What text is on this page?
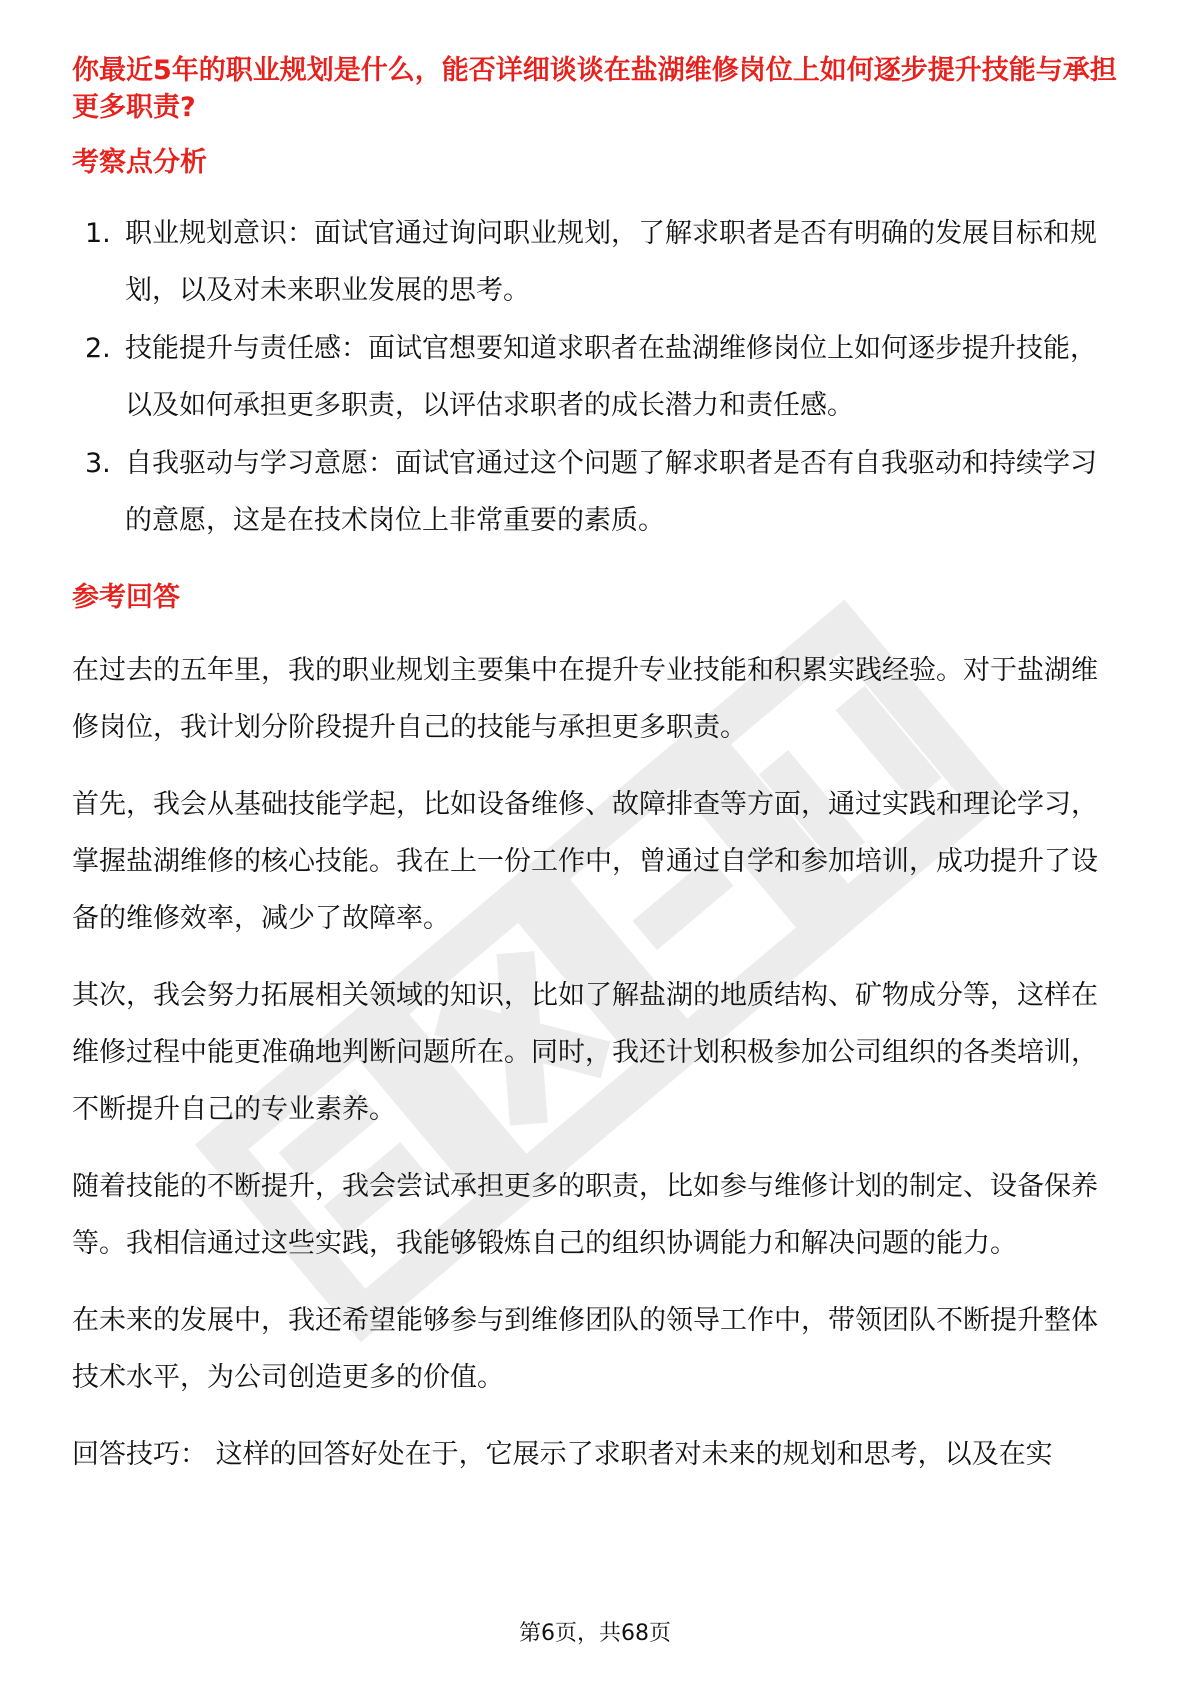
你最近5年的职业规划是什么，能否详细谈谈在盐湖维修岗位上如何逐步提升技能与承担更多职责?

考察点分析

1. 职业规划意识：面试官通过询问职业规划，了解求职者是否有明确的发展目标和规划，以及对未来职业发展的思考。
2. 技能提升与责任感：面试官想要知道求职者在盐湖维修岗位上如何逐步提升技能，以及如何承担更多职责，以评估求职者的成长潜力和责任感。
3. 自我驱动与学习意愿：面试官通过这个问题了解求职者是否有自我驱动和持续学习的意愿，这是在技术岗位上非常重要的素质。

参考回答

在过去的五年里，我的职业规划主要集中在提升专业技能和积累实践经验。对于盐湖维修岗位，我计划分阶段提升自己的技能与承担更多职责。

首先，我会从基础技能学起，比如设备维修、故障排查等方面，通过实践和理论学习，掌握盐湖维修的核心技能。我在上一份工作中，曾通过自学和参加培训，成功提升了设备的维修效率，减少了故障率。

其次，我会努力拓展相关领域的知识，比如了解盐湖的地质结构、矿物成分等，这样在维修过程中能更准确地判断问题所在。同时，我还计划积极参加公司组织的各类培训，不断提升自己的专业素养。

随着技能的不断提升，我会尝试承担更多的职责，比如参与维修计划的制定、设备保养等。我相信通过这些实践，我能够锻炼自己的组织协调能力和解决问题的能力。

在未来的发展中，我还希望能够参与到维修团队的领导工作中，带领团队不断提升整体技术水平，为公司创造更多的价值。

回答技巧： 这样的回答好处在于，它展示了求职者对未来的规划和思考，以及在实

第6页，共68页
